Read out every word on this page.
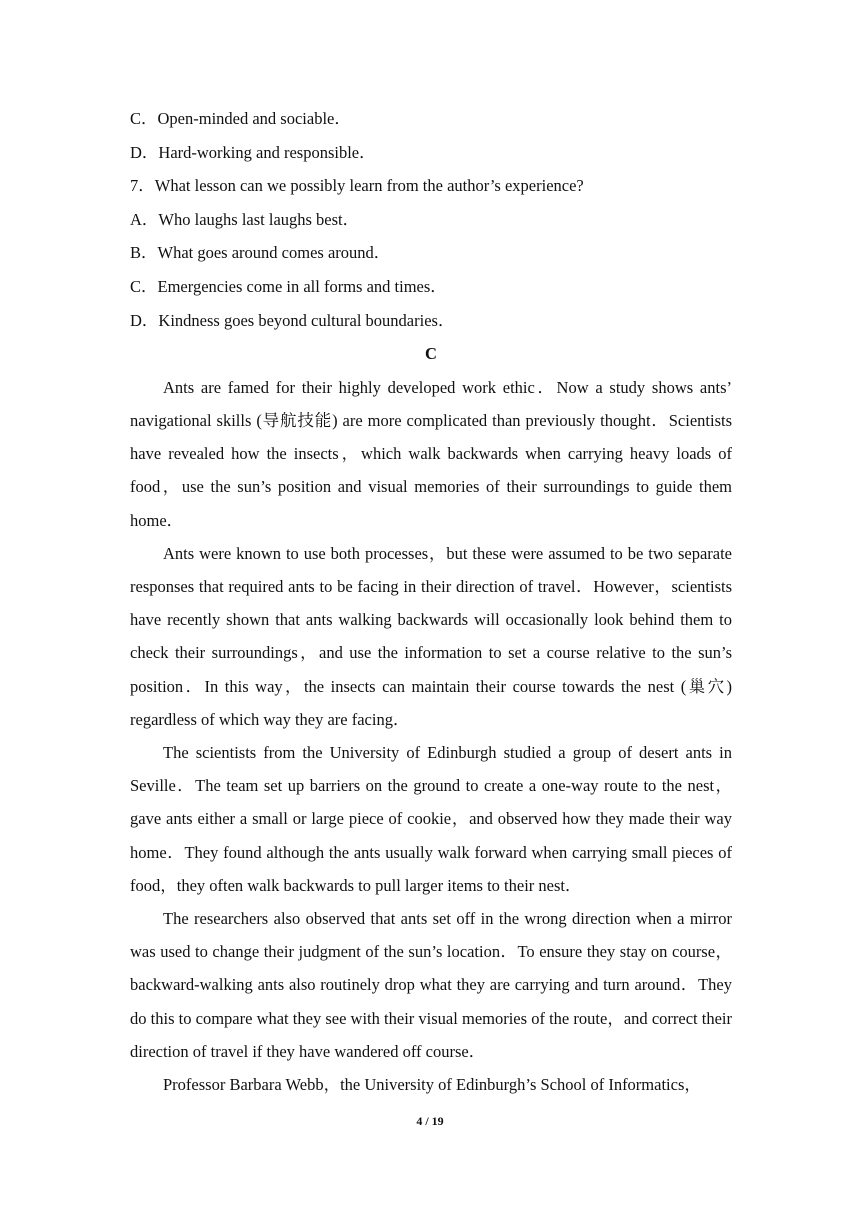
C．Open-minded and sociable．
D．Hard-working and responsible．
7．What lesson can we possibly learn from the author’s experience?
A．Who laughs last laughs best．
B．What goes around comes around．
C．Emergencies come in all forms and times．
D．Kindness goes beyond cultural boundaries．
C

Ants are famed for their highly developed work ethic．Now a study shows ants’ navigational skills (导航技能) are more complicated than previously thought．Scientists have revealed how the insects，which walk backwards when carrying heavy loads of food，use the sun’s position and visual memories of their surroundings to guide them home．

Ants were known to use both processes，but these were assumed to be two separate responses that required ants to be facing in their direction of travel．However，scientists have recently shown that ants walking backwards will occasionally look behind them to check their surroundings，and use the information to set a course relative to the sun’s position．In this way，the insects can maintain their course towards the nest (巢穴) regardless of which way they are facing．

The scientists from the University of Edinburgh studied a group of desert ants in Seville．The team set up barriers on the ground to create a one-way route to the nest，gave ants either a small or large piece of cookie，and observed how they made their way home．They found although the ants usually walk forward when carrying small pieces of food，they often walk backwards to pull larger items to their nest．

The researchers also observed that ants set off in the wrong direction when a mirror was used to change their judgment of the sun’s location．To ensure they stay on course，backward-walking ants also routinely drop what they are carrying and turn around．They do this to compare what they see with their visual memories of the route，and correct their direction of travel if they have wandered off course．

Professor Barbara Webb，the University of Edinburgh’s School of Informatics，

4 / 19
